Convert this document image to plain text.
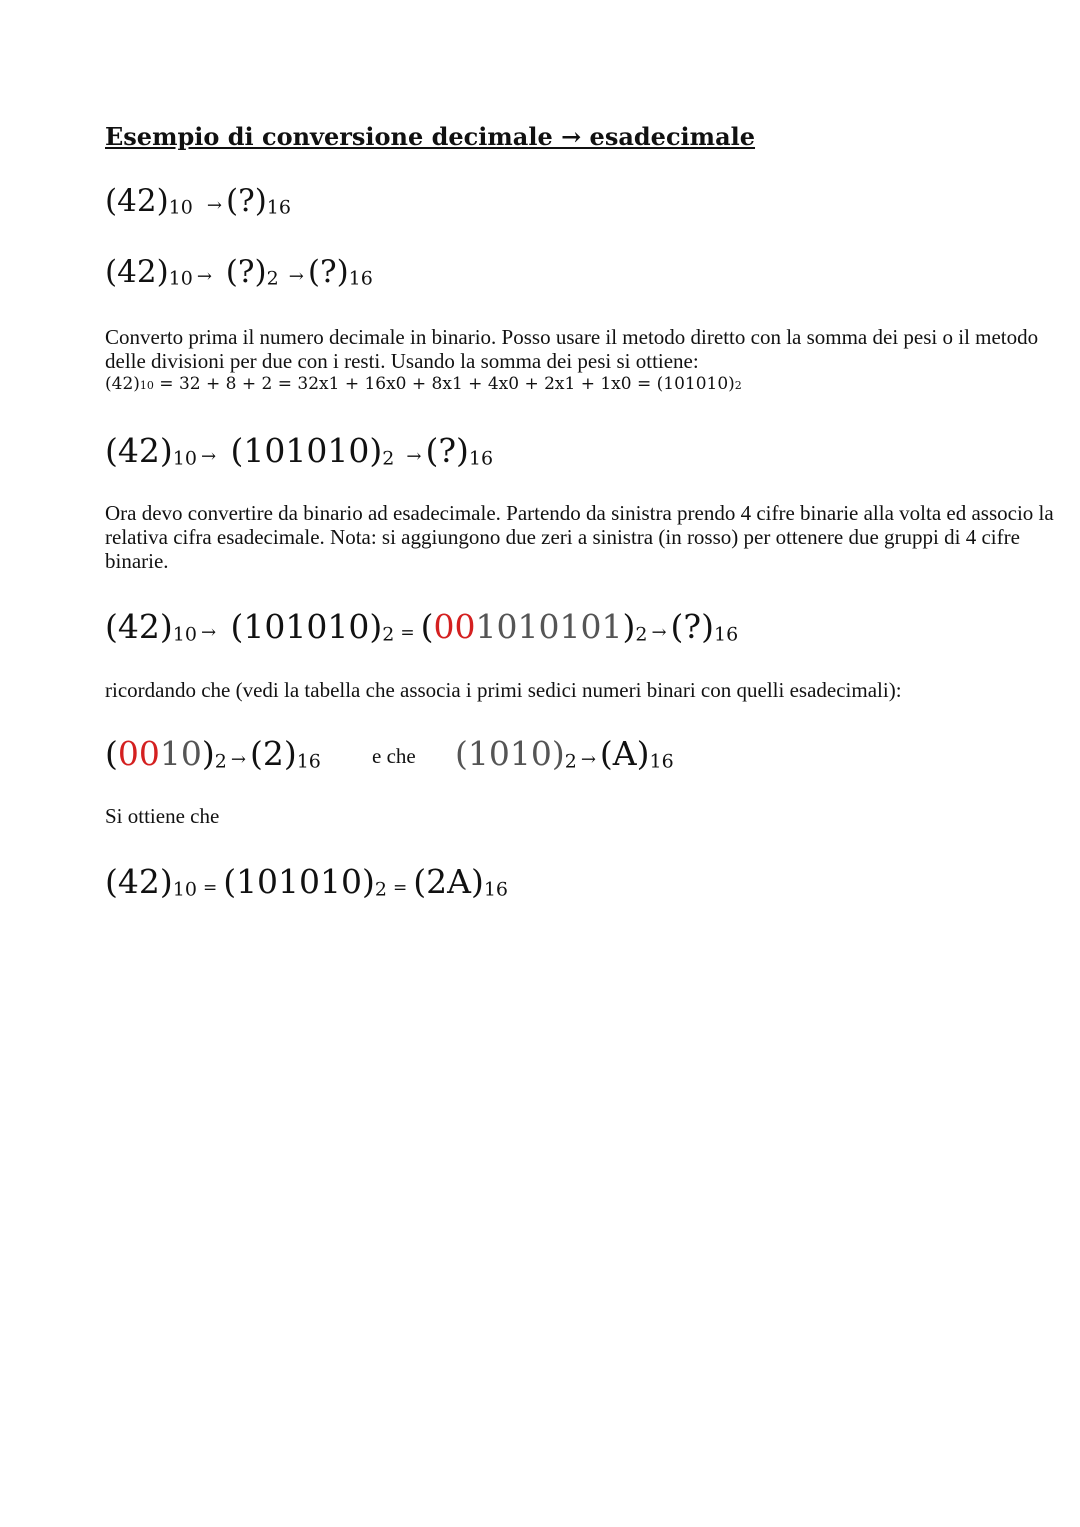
Esempio di conversione decimale → esadecimale
(42)10 → (?)16
(42)10 → (?)2 → (?)16
Converto prima il numero decimale in binario. Posso usare il metodo diretto con la somma dei pesi o il metodo delle divisioni per due con i resti. Usando la somma dei pesi si ottiene:
(42)10 = 32 + 8 + 2 = 32x1 + 16x0 + 8x1 + 4x0 + 2x1 + 1x0 = (101010)2
(42)10 → (101010)2 → (?)16
Ora devo convertire da binario ad esadecimale. Partendo da sinistra prendo 4 cifre binarie alla volta ed associo la relativa cifra esadecimale. Nota: si aggiungono due zeri a sinistra (in rosso) per ottenere due gruppi di 4 cifre binarie.
(42)10 → (101010)2 = (001010101)2 → (?)16
ricordando che (vedi la tabella che associa i primi sedici numeri binari con quelli esadecimali):
(0010)2 → (2)16 e che (1010)2 → (A)16
Si ottiene che
(42)10 = (101010)2 = (2A)16
